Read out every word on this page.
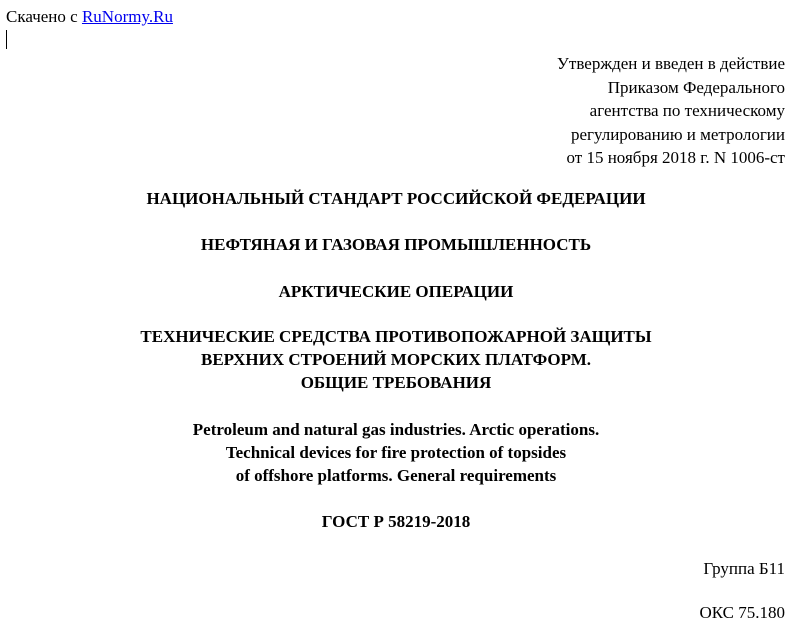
Скачено с RuNormy.Ru
Утвержден и введен в действие
Приказом Федерального
агентства по техническому
регулированию и метрологии
от 15 ноября 2018 г. N 1006-ст
НАЦИОНАЛЬНЫЙ СТАНДАРТ РОССИЙСКОЙ ФЕДЕРАЦИИ
НЕФТЯНАЯ И ГАЗОВАЯ ПРОМЫШЛЕННОСТЬ
АРКТИЧЕСКИЕ ОПЕРАЦИИ
ТЕХНИЧЕСКИЕ СРЕДСТВА ПРОТИВОПОЖАРНОЙ ЗАЩИТЫ
ВЕРХНИХ СТРОЕНИЙ МОРСКИХ ПЛАТФОРМ.
ОБЩИЕ ТРЕБОВАНИЯ
Petroleum and natural gas industries. Arctic operations.
Technical devices for fire protection of topsides
of offshore platforms. General requirements
ГОСТ Р 58219-2018
Группа Б11
ОКС 75.180
